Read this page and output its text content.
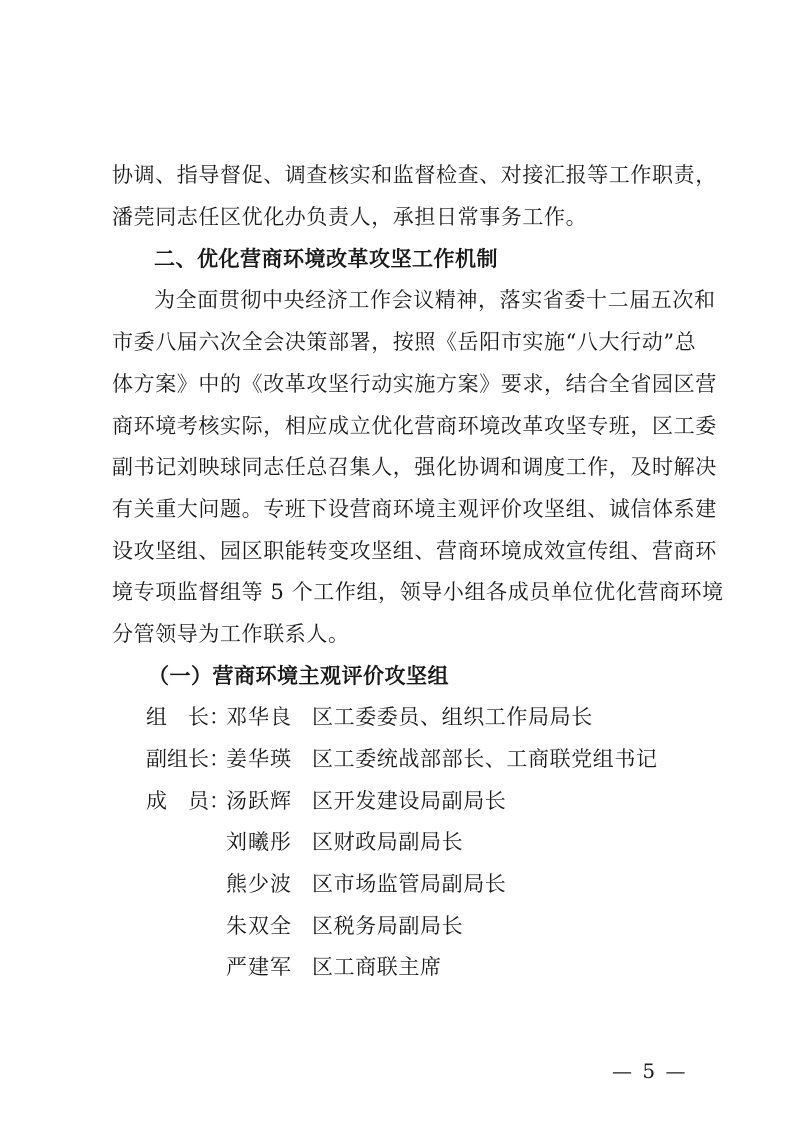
协调、指导督促、调查核实和监督检查、对接汇报等工作职责，
潘莞同志任区优化办负责人，承担日常事务工作。
二、优化营商环境改革攻坚工作机制
为全面贯彻中央经济工作会议精神，落实省委十二届五次和
市委八届六次全会决策部署，按照《岳阳市实施“八大行动”总
体方案》中的《改革攻坚行动实施方案》要求，结合全省园区营
商环境考核实际，相应成立优化营商环境改革攻坚专班，区工委
副书记刘映球同志任总召集人，强化协调和调度工作，及时解决
有关重大问题。专班下设营商环境主观评价攻坚组、诚信体系建
设攻坚组、园区职能转变攻坚组、营商环境成效宣传组、营商环
境专项监督组等 5 个工作组，领导小组各成员单位优化营商环境
分管领导为工作联系人。
（一）营商环境主观评价攻坚组
组　长：
邓华良 区工委委员、组织工作局局长
副组长：
姜华瑛 区工委统战部部长、工商联党组书记
成　员：
汤跃辉 区开发建设局副局长
刘曦彤 区财政局副局长
熊少波 区市场监管局副局长
朱双全 区税务局副局长
严建军 区工商联主席
— 5 —
